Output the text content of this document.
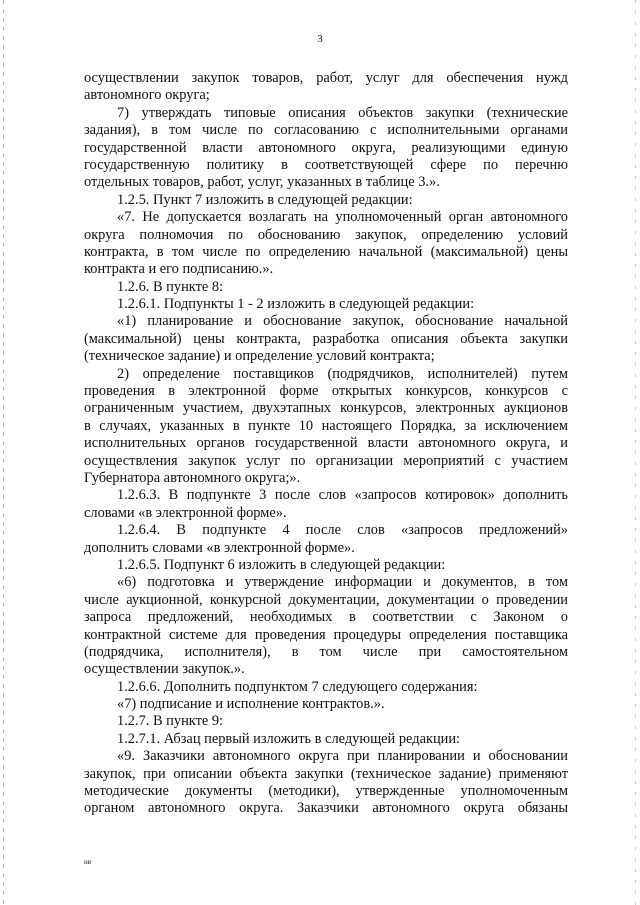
3
осуществлении закупок товаров, работ, услуг для обеспечения нужд
автономного округа;
7) утверждать типовые описания объектов закупки (технические
задания), в том числе по согласованию с исполнительными органами
государственной власти автономного округа, реализующими единую
государственную политику в соответствующей сфере по перечню
отдельных товаров, работ, услуг, указанных в таблице 3.».
1.2.5. Пункт 7 изложить в следующей редакции:
«7. Не допускается возлагать на уполномоченный орган автономного
округа полномочия по обоснованию закупок, определению условий
контракта, в том числе по определению начальной (максимальной) цены
контракта и его подписанию.».
1.2.6. В пункте 8:
1.2.6.1. Подпункты 1 - 2 изложить в следующей редакции:
«1) планирование и обоснование закупок, обоснование начальной
(максимальной) цены контракта, разработка описания объекта закупки
(техническое задание) и определение условий контракта;
2) определение поставщиков (подрядчиков, исполнителей) путем
проведения в электронной форме открытых конкурсов, конкурсов с
ограниченным участием, двухэтапных конкурсов, электронных аукционов
в случаях, указанных в пункте 10 настоящего Порядка, за исключением
исполнительных органов государственной власти автономного округа, и
осуществления закупок услуг по организации мероприятий с участием
Губернатора автономного округа;».
1.2.6.3. В подпункте 3 после слов «запросов котировок» дополнить
словами «в электронной форме».
1.2.6.4. В подпункте 4 после слов «запросов предложений»
дополнить словами «в электронной форме».
1.2.6.5. Подпункт 6 изложить в следующей редакции:
«6) подготовка и утверждение информации и документов, в том
числе аукционной, конкурсной документации, документации о проведении
запроса предложений, необходимых в соответствии с Законом о
контрактной системе для проведения процедуры определения поставщика
(подрядчика, исполнителя), в том числе при самостоятельном
осуществлении закупок.».
1.2.6.6. Дополнить подпунктом 7 следующего содержания:
«7) подписание и исполнение контрактов.».
1.2.7. В пункте 9:
1.2.7.1. Абзац первый изложить в следующей редакции:
«9. Заказчики автономного округа при планировании и обосновании
закупок, при описании объекта закупки (техническое задание) применяют
методические документы (методики), утвержденные уполномоченным
органом автономного округа. Заказчики автономного округа обязаны
нв
